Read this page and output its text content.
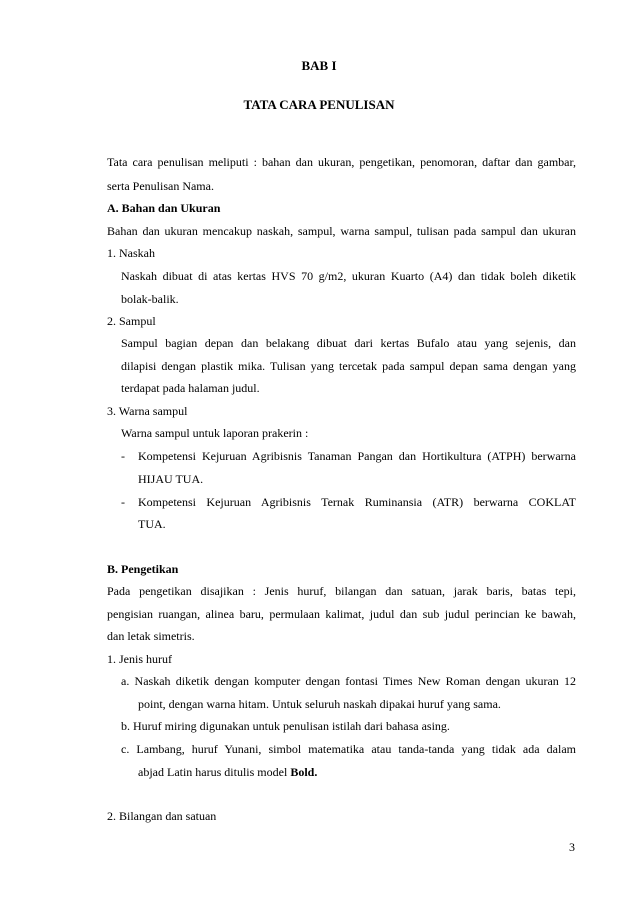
BAB I
TATA CARA PENULISAN
Tata cara penulisan meliputi : bahan dan ukuran, pengetikan, penomoran, daftar dan gambar,
serta Penulisan Nama.
A. Bahan dan Ukuran
Bahan dan ukuran mencakup naskah, sampul, warna sampul, tulisan pada sampul dan ukuran
1. Naskah
Naskah dibuat di atas kertas HVS 70 g/m2, ukuran Kuarto (A4) dan tidak boleh diketik
bolak-balik.
2. Sampul
Sampul bagian depan dan belakang dibuat dari kertas Bufalo atau yang sejenis, dan
dilapisi dengan plastik mika. Tulisan yang tercetak pada sampul depan sama dengan yang
terdapat pada halaman judul.
3. Warna sampul
Warna sampul untuk laporan prakerin :
- Kompetensi Kejuruan Agribisnis Tanaman Pangan dan Hortikultura (ATPH) berwarna
HIJAU TUA.
- Kompetensi Kejuruan Agribisnis Ternak Ruminansia (ATR) berwarna COKLAT
TUA.
B. Pengetikan
Pada pengetikan disajikan : Jenis huruf, bilangan dan satuan, jarak baris, batas tepi,
pengisian ruangan, alinea baru, permulaan kalimat, judul dan sub judul perincian ke bawah,
dan letak simetris.
1. Jenis huruf
a. Naskah diketik dengan komputer dengan fontasi Times New Roman dengan ukuran 12
point, dengan warna hitam. Untuk seluruh naskah dipakai huruf yang sama.
b. Huruf miring digunakan untuk penulisan istilah dari bahasa asing.
c. Lambang, huruf Yunani, simbol matematika atau tanda-tanda yang tidak ada dalam
abjad Latin harus ditulis model Bold.
2. Bilangan dan satuan
3
